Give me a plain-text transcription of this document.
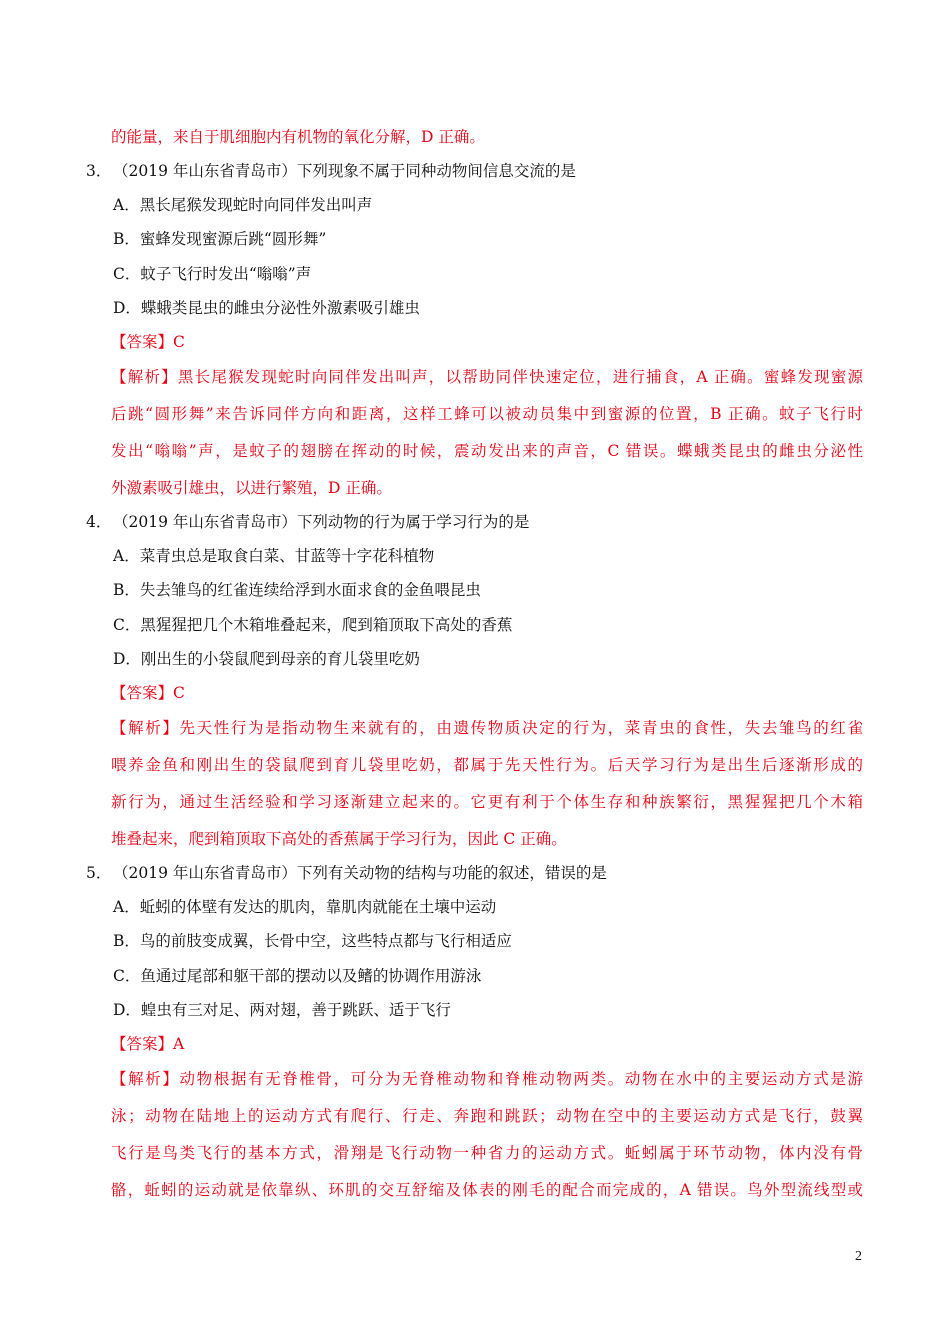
的能量，来自于肌细胞内有机物的氧化分解，D 正确。
3． （2019 年山东省青岛市）下列现象不属于同种动物间信息交流的是
A．黑长尾猴发现蛇时向同伴发出叫声
B．蜜蜂发现蜜源后跳“圆形舞”
C．蚊子飞行时发出“嗡嗡”声
D．蝶蛾类昆虫的雌虫分泌性外激素吸引雄虫
【答案】C
【解析】黑长尾猴发现蛇时向同伴发出叫声，以帮助同伴快速定位，进行捕食，A 正确。蜜蜂发现蜜源
后跳“圆形舞”来告诉同伴方向和距离，这样工蜂可以被动员集中到蜜源的位置，B 正确。蚊子飞行时
发出“嗡嗡”声，是蚊子的翅膀在挥动的时候，震动发出来的声音，C 错误。蝶蛾类昆虫的雌虫分泌性
外激素吸引雄虫，以进行繁殖，D 正确。
4． （2019 年山东省青岛市）下列动物的行为属于学习行为的是
A．菜青虫总是取食白菜、甘蓝等十字花科植物
B．失去雏鸟的红雀连续给浮到水面求食的金鱼喂昆虫
C．黑猩猩把几个木箱堆叠起来，爬到箱顶取下高处的香蕉
D．刚出生的小袋鼠爬到母亲的育儿袋里吃奶
【答案】C
【解析】先天性行为是指动物生来就有的，由遗传物质决定的行为，菜青虫的食性，失去雏鸟的红雀
喂养金鱼和刚出生的袋鼠爬到育儿袋里吃奶，都属于先天性行为。后天学习行为是出生后逐渐形成的
新行为，通过生活经验和学习逐渐建立起来的。它更有利于个体生存和种族繁衍，黑猩猩把几个木箱
堆叠起来，爬到箱顶取下高处的香蕉属于学习行为，因此 C 正确。
5． （2019 年山东省青岛市）下列有关动物的结构与功能的叙述，错误的是
A．蚯蚓的体壁有发达的肌肉，靠肌肉就能在土壤中运动
B．鸟的前肢变成翼，长骨中空，这些特点都与飞行相适应
C．鱼通过尾部和躯干部的摆动以及鳍的协调作用游泳
D．蝗虫有三对足、两对翅，善于跳跃、适于飞行
【答案】A
【解析】动物根据有无脊椎骨，可分为无脊椎动物和脊椎动物两类。动物在水中的主要运动方式是游
泳；动物在陆地上的运动方式有爬行、行走、奔跑和跳跃；动物在空中的主要运动方式是飞行，鼓翼
飞行是鸟类飞行的基本方式，滑翔是飞行动物一种省力的运动方式。蚯蚓属于环节动物，体内没有骨
骼，蚯蚓的运动就是依靠纵、环肌的交互舒缩及体表的刚毛的配合而完成的，A 错误。鸟外型流线型或
2
